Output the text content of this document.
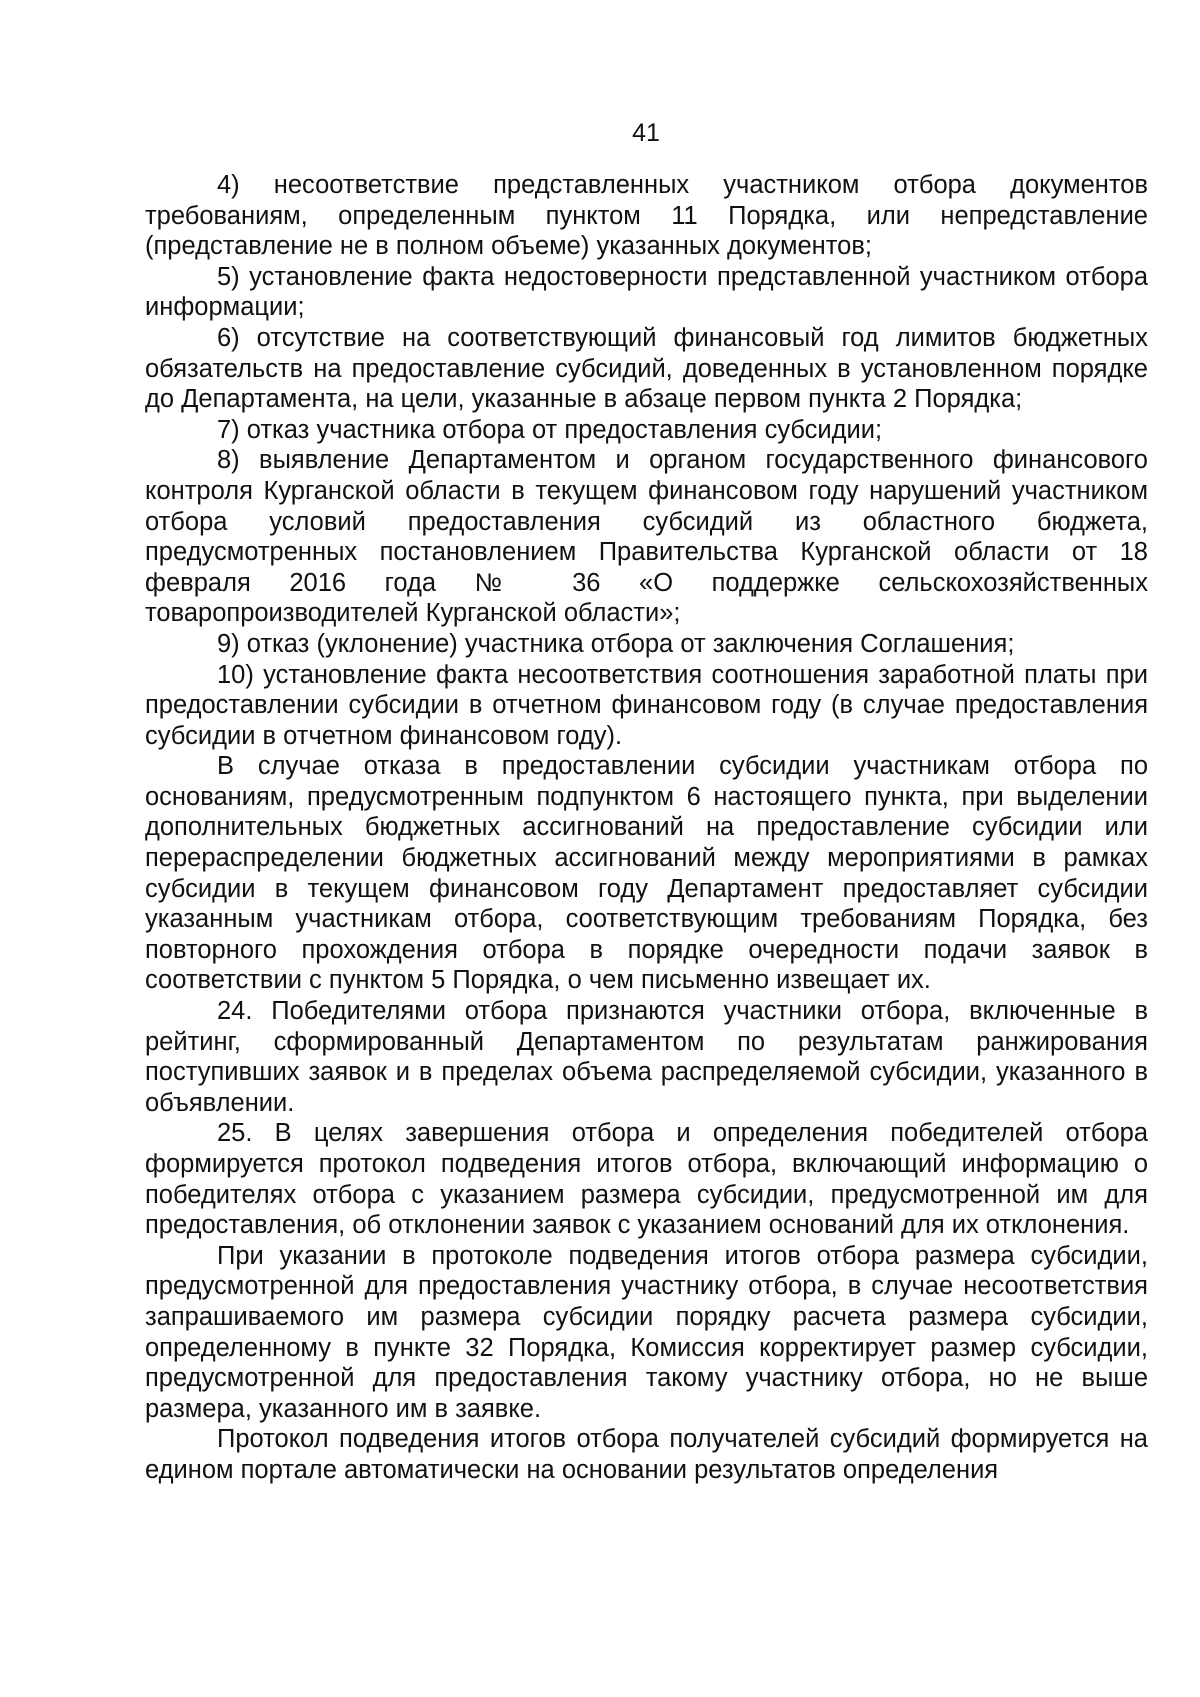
41

4) несоответствие представленных участником отбора документов требованиям, определенным пунктом 11 Порядка, или непредставление (представление не в полном объеме) указанных документов;

5) установление факта недостоверности представленной участником отбора информации;

6) отсутствие на соответствующий финансовый год лимитов бюджетных обязательств на предоставление субсидий, доведенных в установленном порядке до Департамента, на цели, указанные в абзаце первом пункта 2 Порядка;

7) отказ участника отбора от предоставления субсидии;

8) выявление Департаментом и органом государственного финансового контроля Курганской области в текущем финансовом году нарушений участником отбора условий предоставления субсидий из областного бюджета, предусмотренных постановлением Правительства Курганской области от 18 февраля 2016 года № 36 «О поддержке сельскохозяйственных товаропроизводителей Курганской области»;

9) отказ (уклонение) участника отбора от заключения Соглашения;

10) установление факта несоответствия соотношения заработной платы при предоставлении субсидии в отчетном финансовом году (в случае предоставления субсидии в отчетном финансовом году).

В случае отказа в предоставлении субсидии участникам отбора по основаниям, предусмотренным подпунктом 6 настоящего пункта, при выделении дополнительных бюджетных ассигнований на предоставление субсидии или перераспределении бюджетных ассигнований между мероприятиями в рамках субсидии в текущем финансовом году Департамент предоставляет субсидии указанным участникам отбора, соответствующим требованиям Порядка, без повторного прохождения отбора в порядке очередности подачи заявок в соответствии с пунктом 5 Порядка, о чем письменно извещает их.

24. Победителями отбора признаются участники отбора, включенные в рейтинг, сформированный Департаментом по результатам ранжирования поступивших заявок и в пределах объема распределяемой субсидии, указанного в объявлении.

25. В целях завершения отбора и определения победителей отбора формируется протокол подведения итогов отбора, включающий информацию о победителях отбора с указанием размера субсидии, предусмотренной им для предоставления, об отклонении заявок с указанием оснований для их отклонения.

При указании в протоколе подведения итогов отбора размера субсидии, предусмотренной для предоставления участнику отбора, в случае несоответствия запрашиваемого им размера субсидии порядку расчета размера субсидии, определенному в пункте 32 Порядка, Комиссия корректирует размер субсидии, предусмотренной для предоставления такому участнику отбора, но не выше размера, указанного им в заявке.

Протокол подведения итогов отбора получателей субсидий формируется на едином портале автоматически на основании результатов определения
